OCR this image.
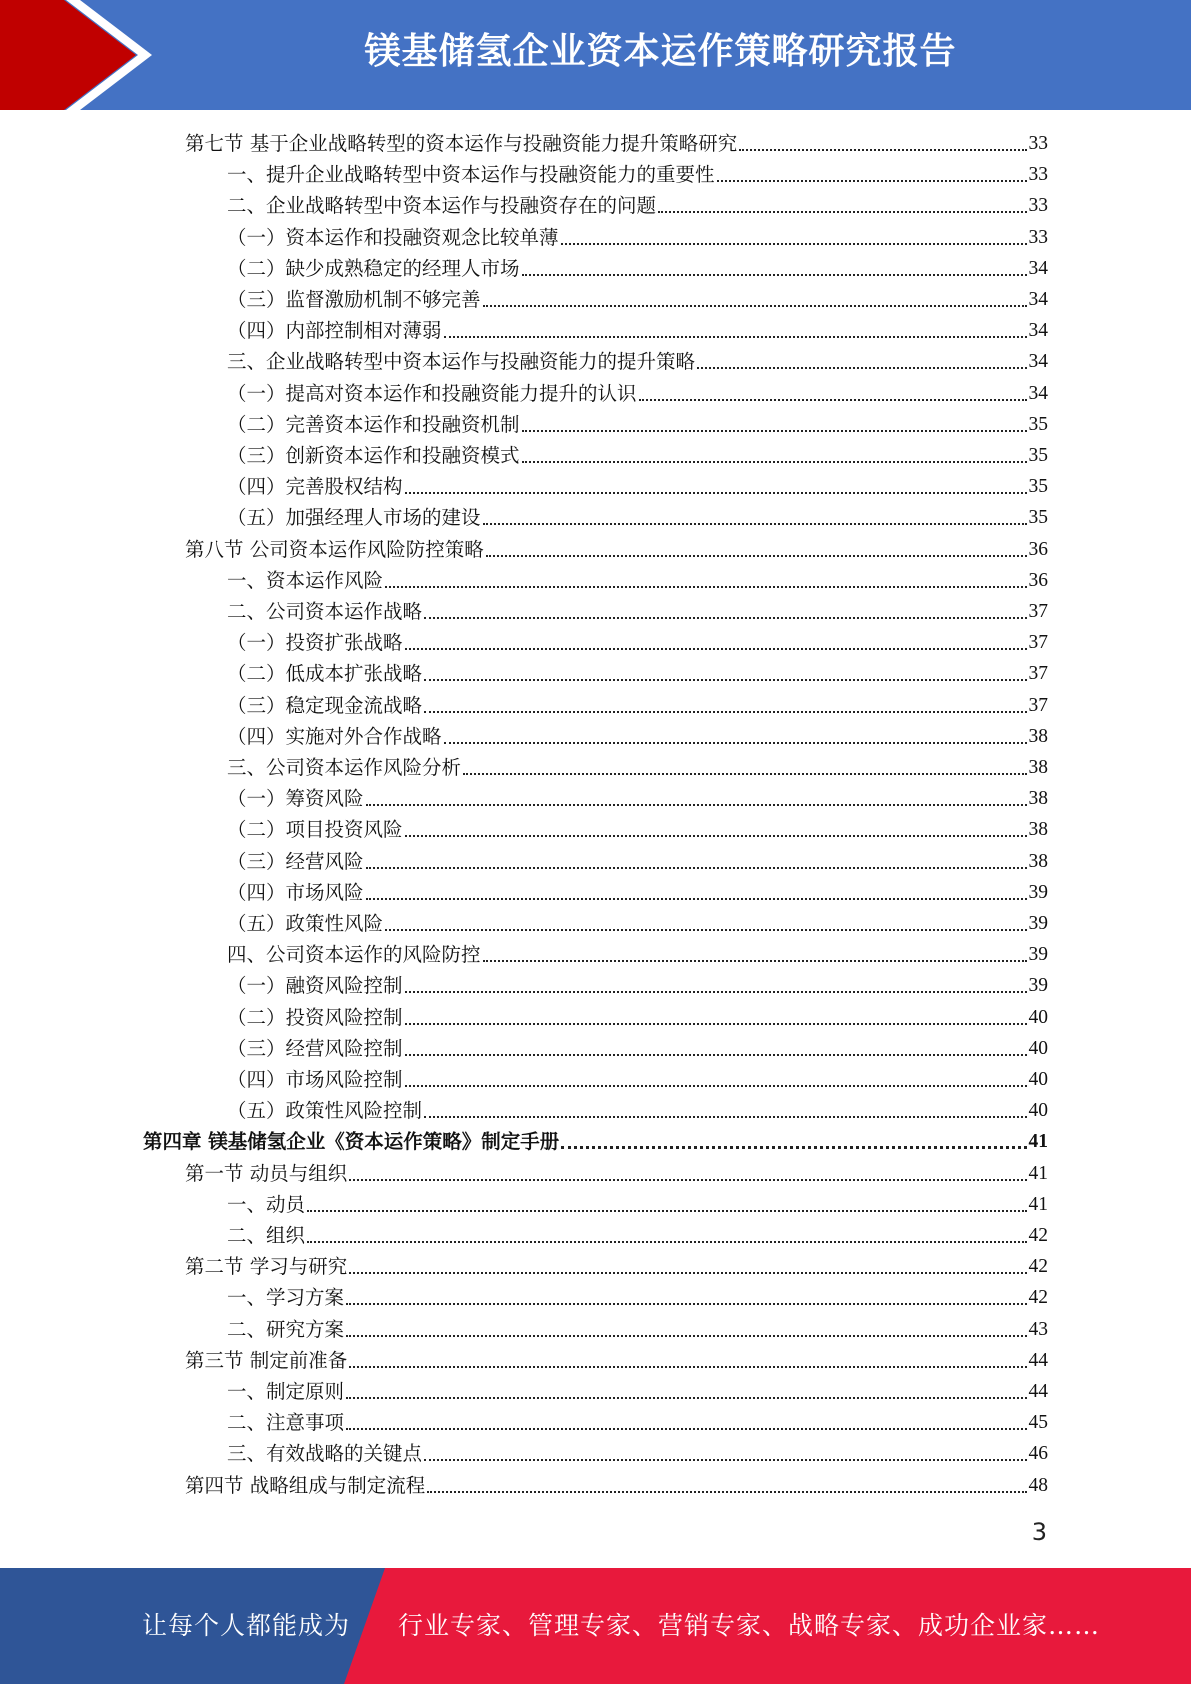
镁基储氢企业资本运作策略研究报告
第七节 基于企业战略转型的资本运作与投融资能力提升策略研究	33
一、提升企业战略转型中资本运作与投融资能力的重要性	33
二、企业战略转型中资本运作与投融资存在的问题	33
（一）资本运作和投融资观念比较单薄	33
（二）缺少成熟稳定的经理人市场	34
（三）监督激励机制不够完善	34
（四）内部控制相对薄弱	34
三、企业战略转型中资本运作与投融资能力的提升策略	34
（一）提高对资本运作和投融资能力提升的认识	34
（二）完善资本运作和投融资机制	35
（三）创新资本运作和投融资模式	35
（四）完善股权结构	35
（五）加强经理人市场的建设	35
第八节 公司资本运作风险防控策略	36
一、资本运作风险	36
二、公司资本运作战略	37
（一）投资扩张战略	37
（二）低成本扩张战略	37
（三）稳定现金流战略	37
（四）实施对外合作战略	38
三、公司资本运作风险分析	38
（一）筹资风险	38
（二）项目投资风险	38
（三）经营风险	38
（四）市场风险	39
（五）政策性风险	39
四、公司资本运作的风险防控	39
（一）融资风险控制	39
（二）投资风险控制	40
（三）经营风险控制	40
（四）市场风险控制	40
（五）政策性风险控制	40
第四章 镁基储氢企业《资本运作策略》制定手册	41
第一节 动员与组织	41
一、动员	41
二、组织	42
第二节 学习与研究	42
一、学习方案	42
二、研究方案	43
第三节 制定前准备	44
一、制定原则	44
二、注意事项	45
三、有效战略的关键点	46
第四节 战略组成与制定流程	48
3
让每个人都能成为 行业专家、管理专家、营销专家、战略专家、成功企业家……
